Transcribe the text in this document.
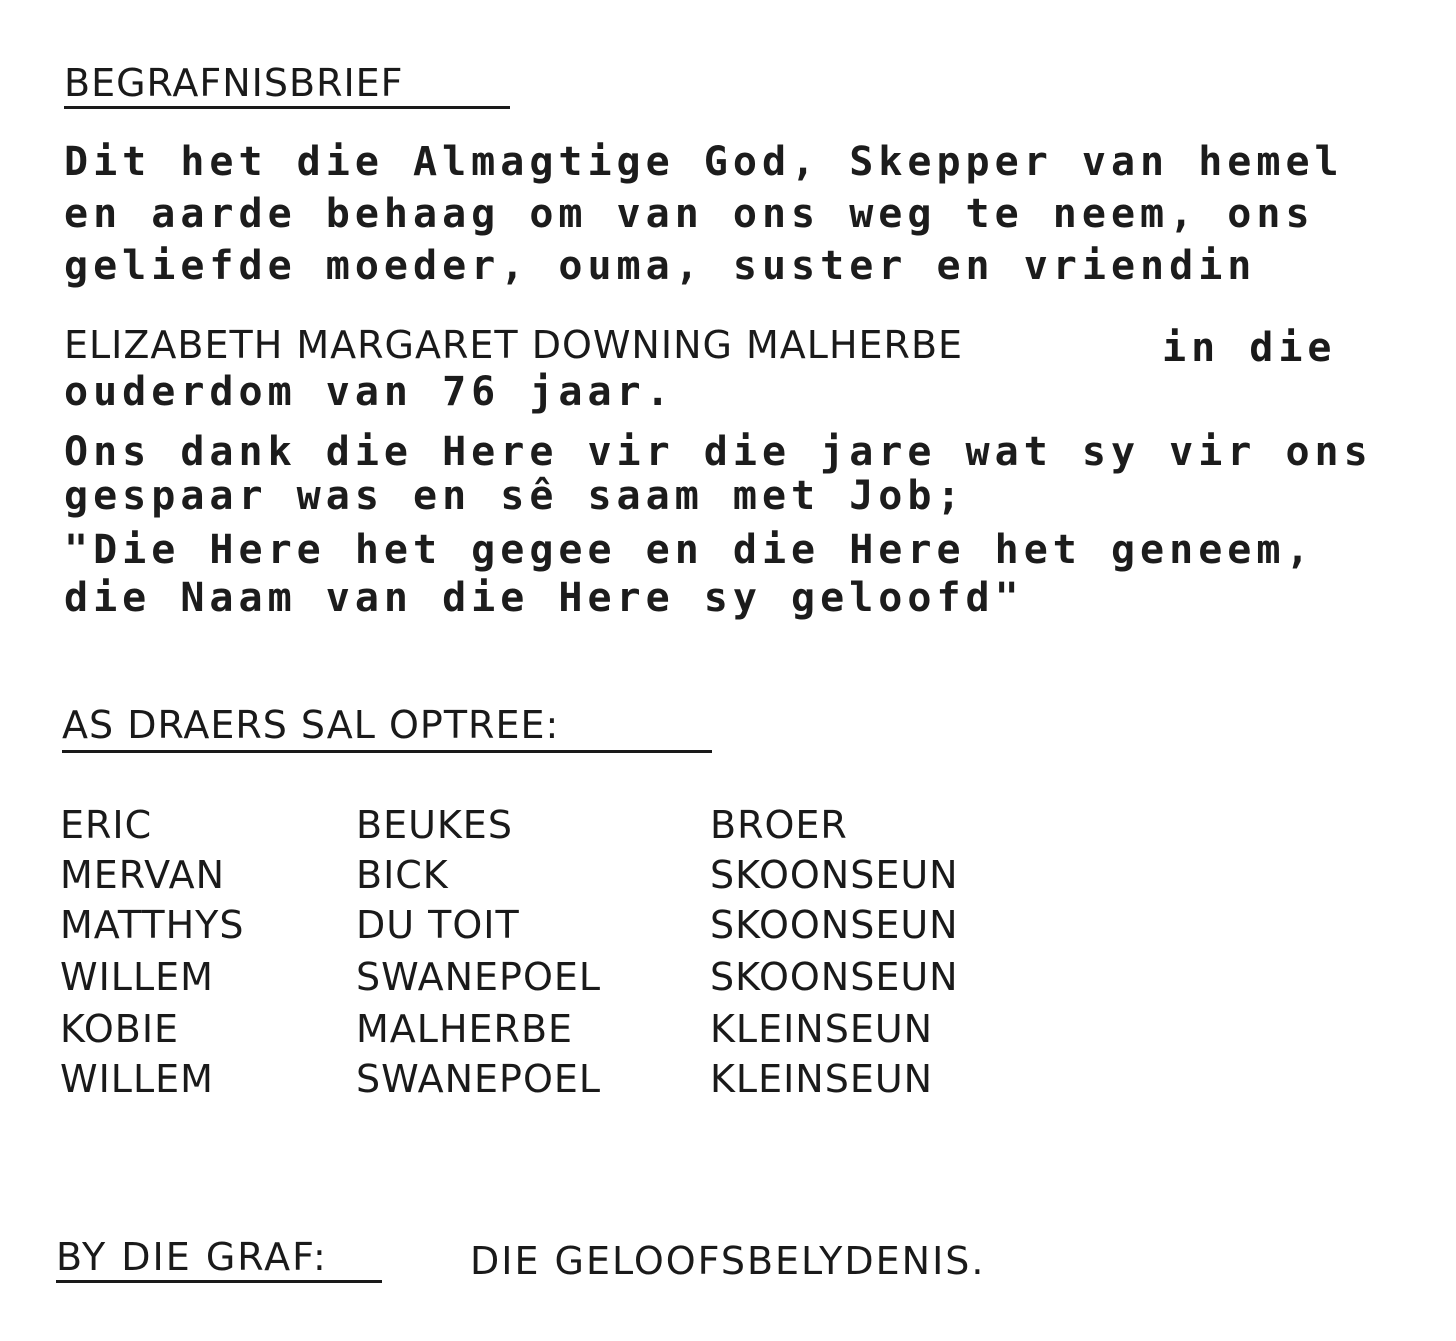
BEGRAFNISBRIEF
Dit het die Almagtige God, Skepper van hemel
en aarde behaag om van ons weg te neem, ons
geliefde moeder, ouma, suster en vriendin
ELIZABETH MARGARET DOWNING MALHERBE	in die
ouderdom van 76 jaar.
Ons dank die Here vir die jare wat sy vir ons
gespaar was en sê saam met Job;
"Die Here het gegee en die Here het geneem,
die Naam van die Here sy geloofd"
AS DRAERS SAL OPTREE:
ERIC	BEUKES	BROER
MERVAN	BICK	SKOONSEUN
MATTHYS	DU TOIT	SKOONSEUN
WILLEM	SWANEPOEL	SKOONSEUN
KOBIE	MALHERBE	KLEINSEUN
WILLEM	SWANEPOEL	KLEINSEUN
BY DIE GRAF:	DIE GELOOFSBELYDENIS.
